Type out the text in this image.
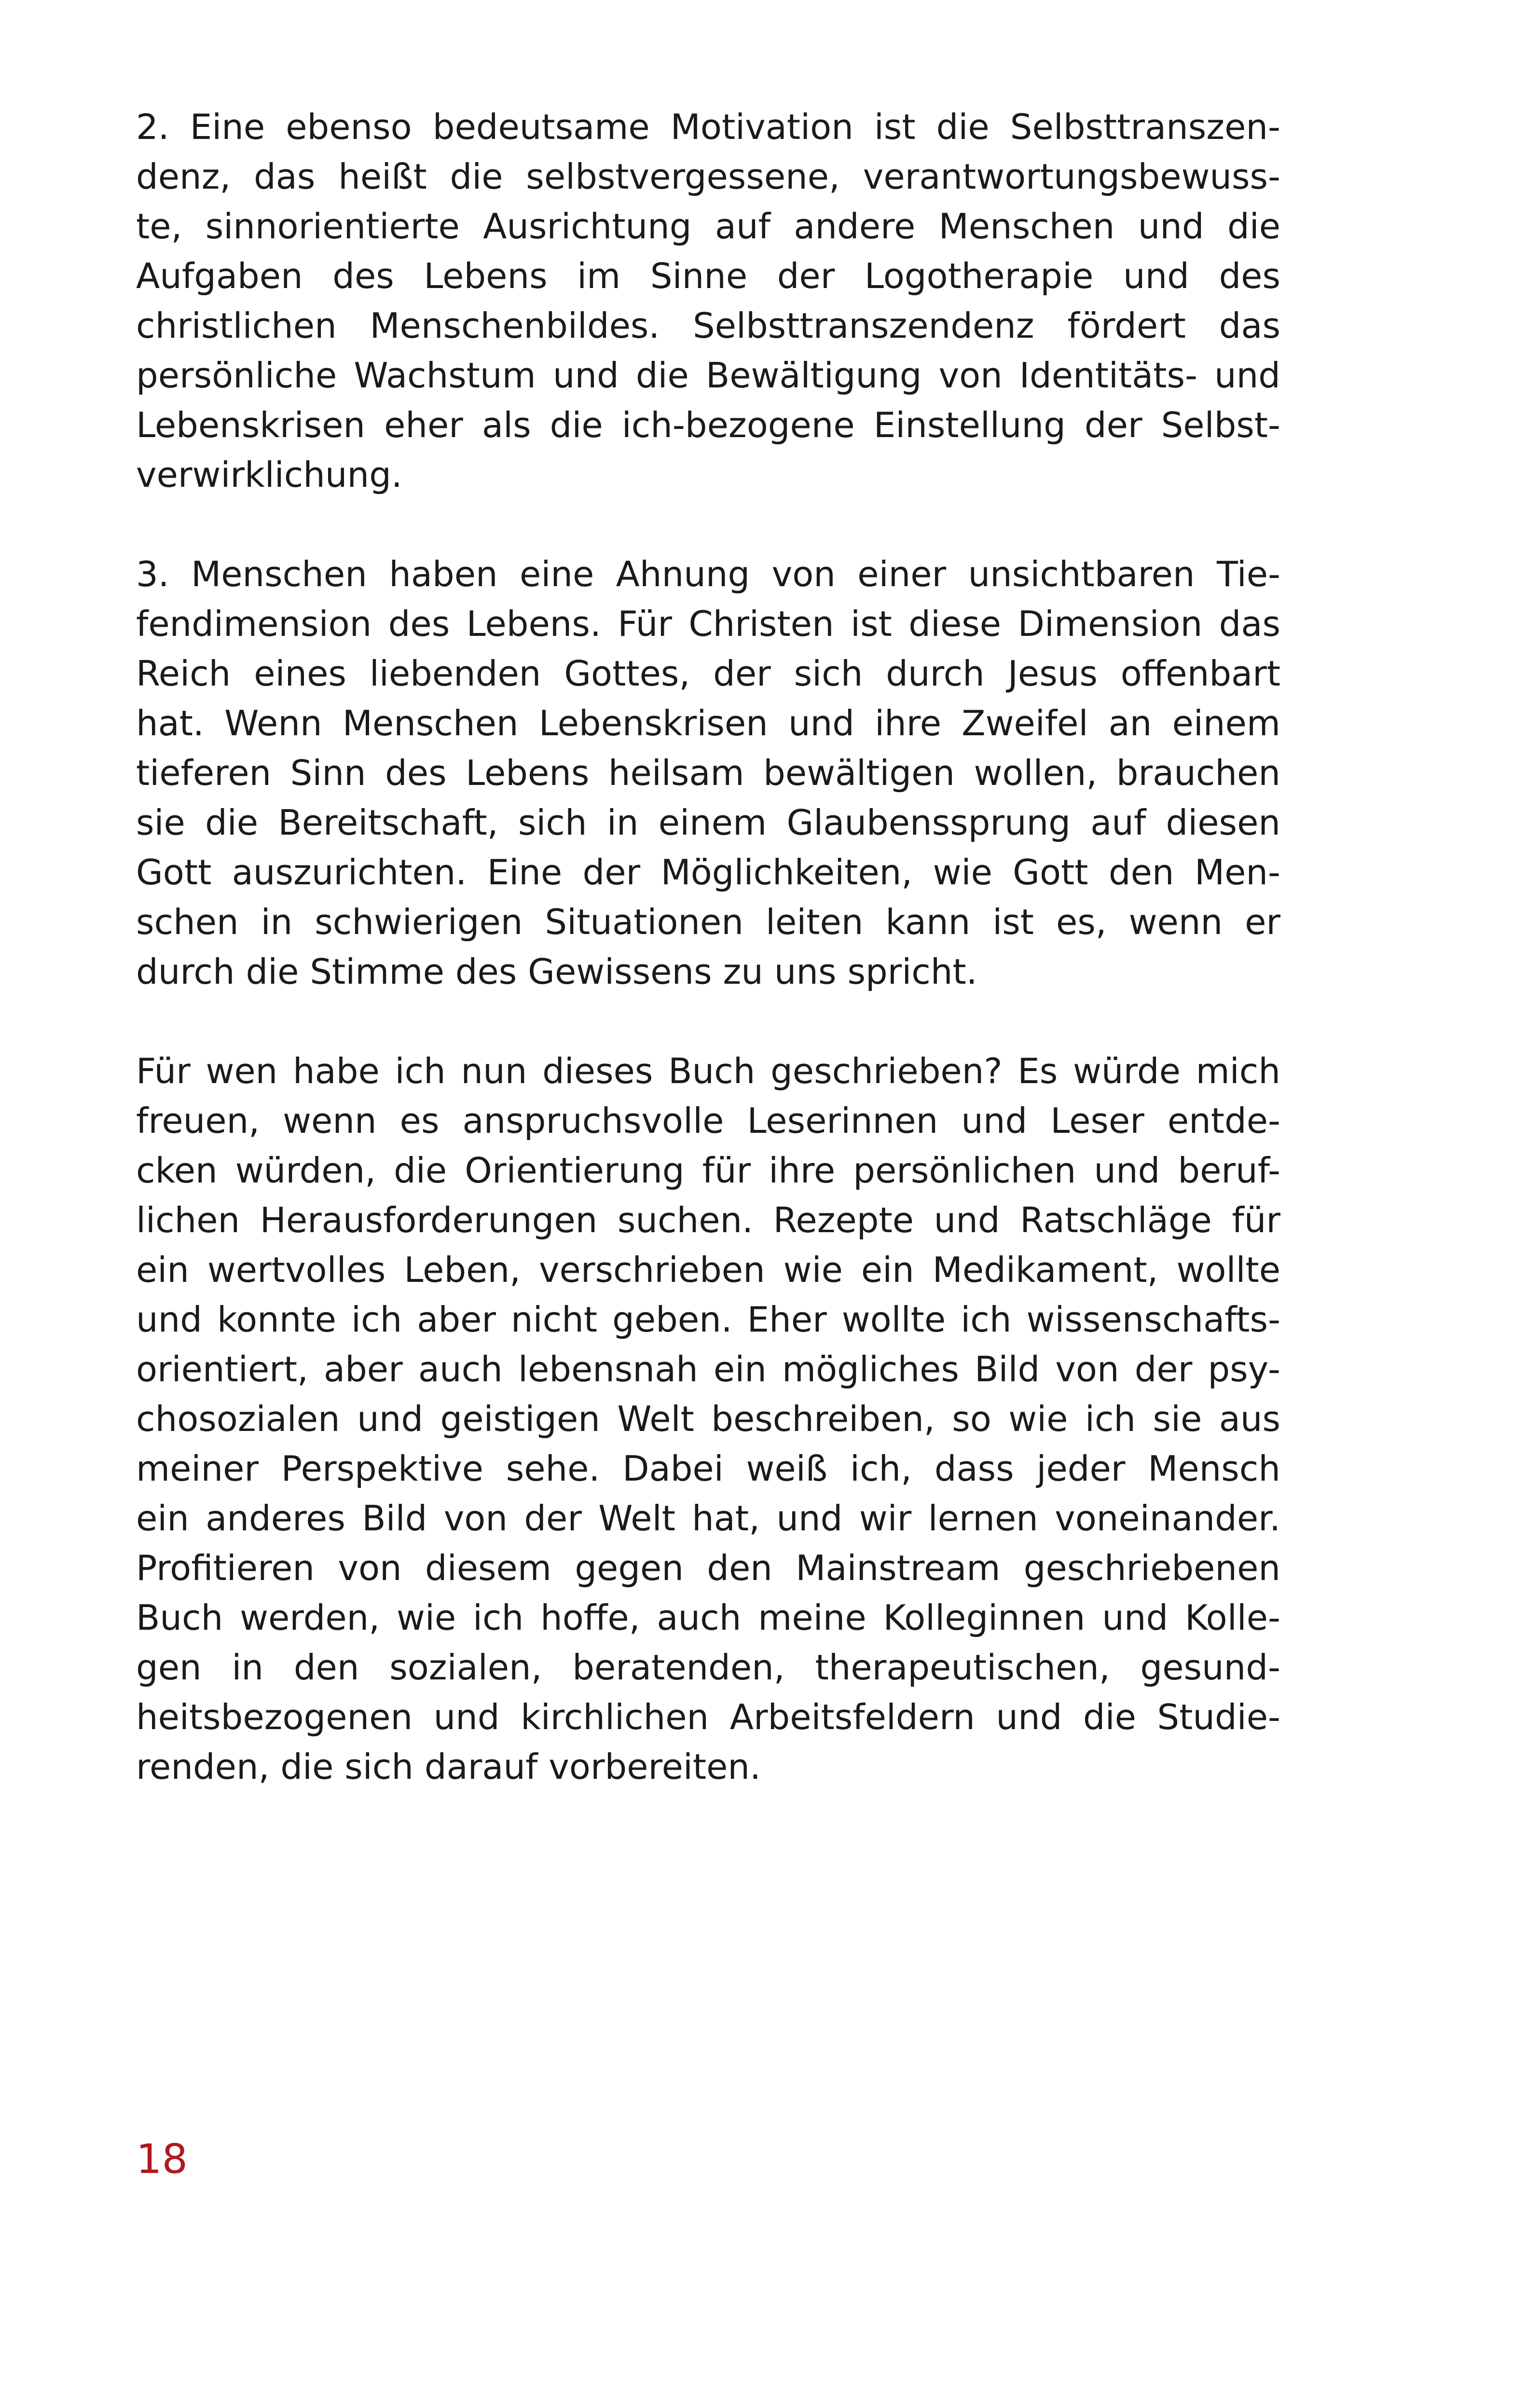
2. Eine ebenso bedeutsame Motivation ist die Selbsttranszen-
denz, das heißt die selbstvergessene, verantwortungsbewuss-
te, sinnorientierte Ausrichtung auf andere Menschen und die
Aufgaben des Lebens im Sinne der Logotherapie und des
christlichen Menschenbildes. Selbsttranszendenz fördert das
persönliche Wachstum und die Bewältigung von Identitäts- und
Lebenskrisen eher als die ich-bezogene Einstellung der Selbst-
verwirklichung.
3. Menschen haben eine Ahnung von einer unsichtbaren Tie-
fendimension des Lebens. Für Christen ist diese Dimension das
Reich eines liebenden Gottes, der sich durch Jesus offenbart
hat. Wenn Menschen Lebenskrisen und ihre Zweifel an einem
tieferen Sinn des Lebens heilsam bewältigen wollen, brauchen
sie die Bereitschaft, sich in einem Glaubenssprung auf diesen
Gott auszurichten. Eine der Möglichkeiten, wie Gott den Men-
schen in schwierigen Situationen leiten kann ist es, wenn er
durch die Stimme des Gewissens zu uns spricht.
Für wen habe ich nun dieses Buch geschrieben? Es würde mich
freuen, wenn es anspruchsvolle Leserinnen und Leser entde-
cken würden, die Orientierung für ihre persönlichen und beruf-
lichen Herausforderungen suchen. Rezepte und Ratschläge für
ein wertvolles Leben, verschrieben wie ein Medikament, wollte
und konnte ich aber nicht geben. Eher wollte ich wissenschafts-
orientiert, aber auch lebensnah ein mögliches Bild von der psy-
chosozialen und geistigen Welt beschreiben, so wie ich sie aus
meiner Perspektive sehe. Dabei weiß ich, dass jeder Mensch
ein anderes Bild von der Welt hat, und wir lernen voneinander.
Profitieren von diesem gegen den Mainstream geschriebenen
Buch werden, wie ich hoffe, auch meine Kolleginnen und Kolle-
gen in den sozialen, beratenden, therapeutischen, gesund-
heitsbezogenen und kirchlichen Arbeitsfeldern und die Studie-
renden, die sich darauf vorbereiten.
18
